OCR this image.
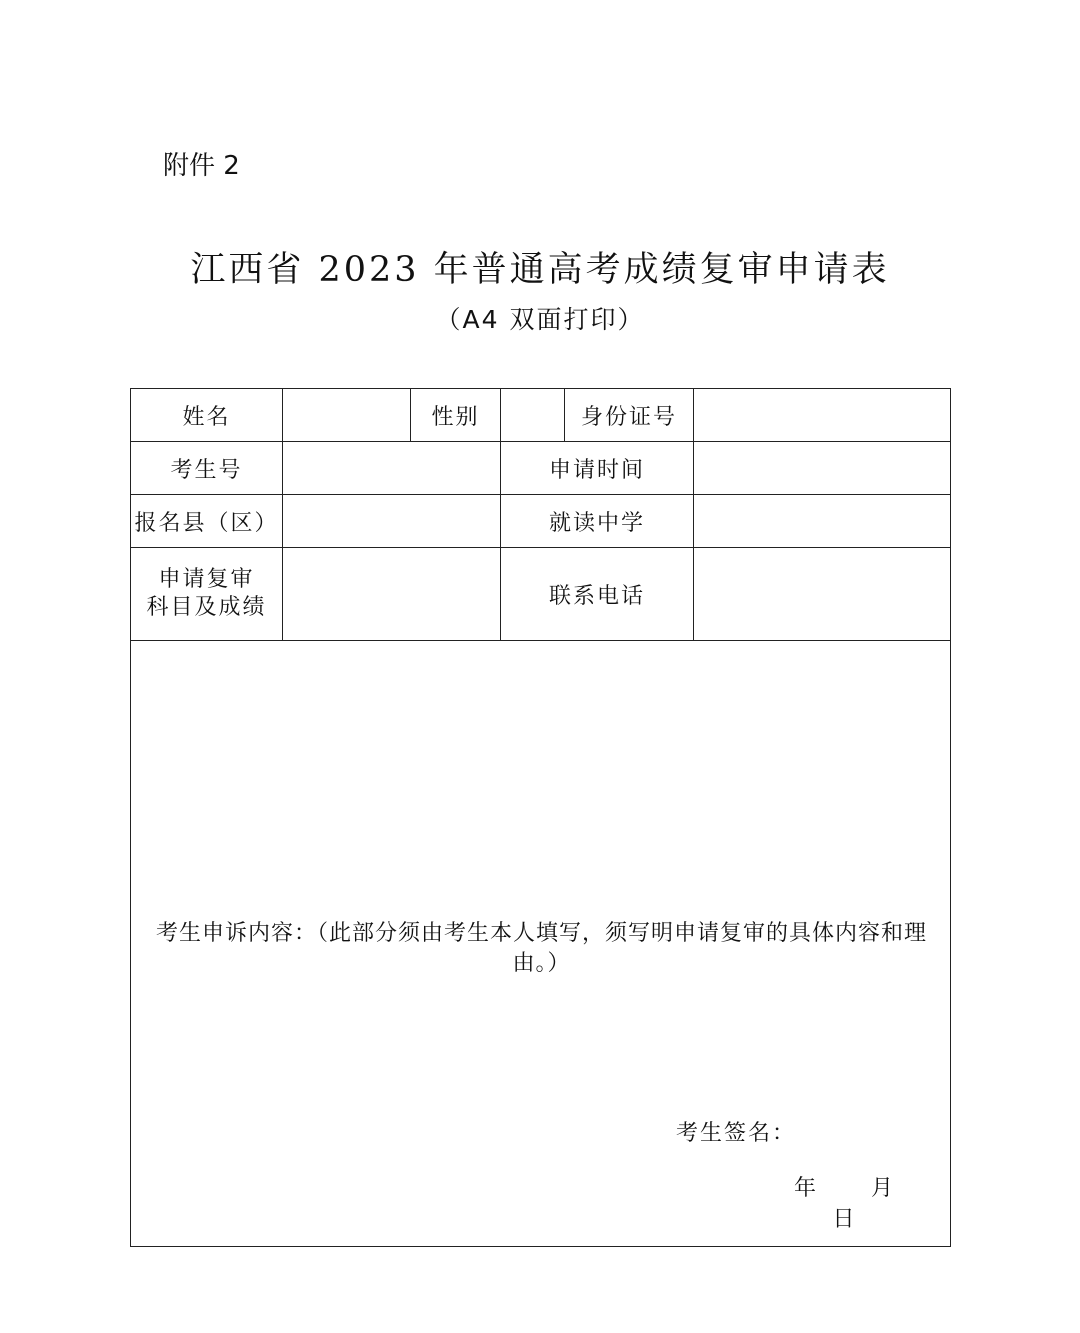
附件 2
江西省 2023 年普通高考成绩复审申请表
（A4 双面打印）
姓名		性别		身份证号	
考生号			申请时间		
报名县（区）			就读中学		

申请复审
科目及成绩			联系电话		

考生申诉内容：（此部分须由考生本人填写，须写明申请复审的具体内容和理由。）
考生签名：
年 月日					
